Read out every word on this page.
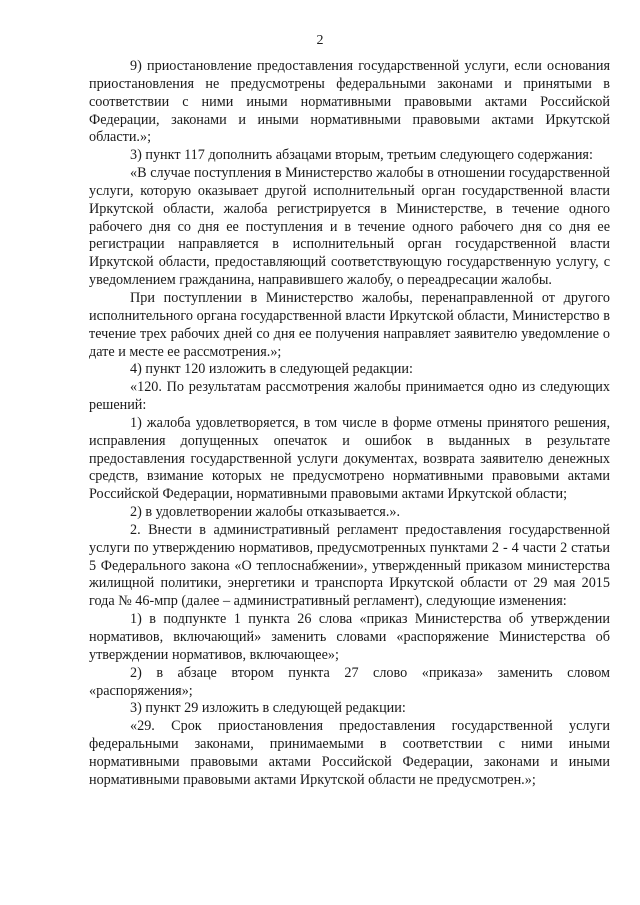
2

9) приостановление предоставления государственной услуги, если основания приостановления не предусмотрены федеральными законами и принятыми в соответствии с ними иными нормативными правовыми актами Российской Федерации, законами и иными нормативными правовыми актами Иркутской области.»;

3) пункт 117 дополнить абзацами вторым, третьим следующего содержания:

«В случае поступления в Министерство жалобы в отношении государственной услуги, которую оказывает другой исполнительный орган государственной власти Иркутской области, жалоба регистрируется в Министерстве, в течение одного рабочего дня со дня ее поступления и в течение одного рабочего дня со дня ее регистрации направляется в исполнительный орган государственной власти Иркутской области, предоставляющий соответствующую государственную услугу, с уведомлением гражданина, направившего жалобу, о переадресации жалобы.

При поступлении в Министерство жалобы, перенаправленной от другого исполнительного органа государственной власти Иркутской области, Министерство в течение трех рабочих дней со дня ее получения направляет заявителю уведомление о дате и месте ее рассмотрения.»;

4) пункт 120 изложить в следующей редакции:

«120. По результатам рассмотрения жалобы принимается одно из следующих решений:

1) жалоба удовлетворяется, в том числе в форме отмены принятого решения, исправления допущенных опечаток и ошибок в выданных в результате предоставления государственной услуги документах, возврата заявителю денежных средств, взимание которых не предусмотрено нормативными правовыми актами Российской Федерации, нормативными правовыми актами Иркутской области;

2) в удовлетворении жалобы отказывается.».

2. Внести в административный регламент предоставления государственной услуги по утверждению нормативов, предусмотренных пунктами 2 - 4 части 2 статьи 5 Федерального закона «О теплоснабжении», утвержденный приказом министерства жилищной политики, энергетики и транспорта Иркутской области от 29 мая 2015 года № 46-мпр (далее – административный регламент), следующие изменения:

1) в подпункте 1 пункта 26 слова «приказ Министерства об утверждении нормативов, включающий» заменить словами «распоряжение Министерства об утверждении нормативов, включающее»;

2) в абзаце втором пункта 27 слово «приказа» заменить словом «распоряжения»;

3) пункт 29 изложить в следующей редакции:

«29. Срок приостановления предоставления государственной услуги федеральными законами, принимаемыми в соответствии с ними иными нормативными правовыми актами Российской Федерации, законами и иными нормативными правовыми актами Иркутской области не предусмотрен.»;
